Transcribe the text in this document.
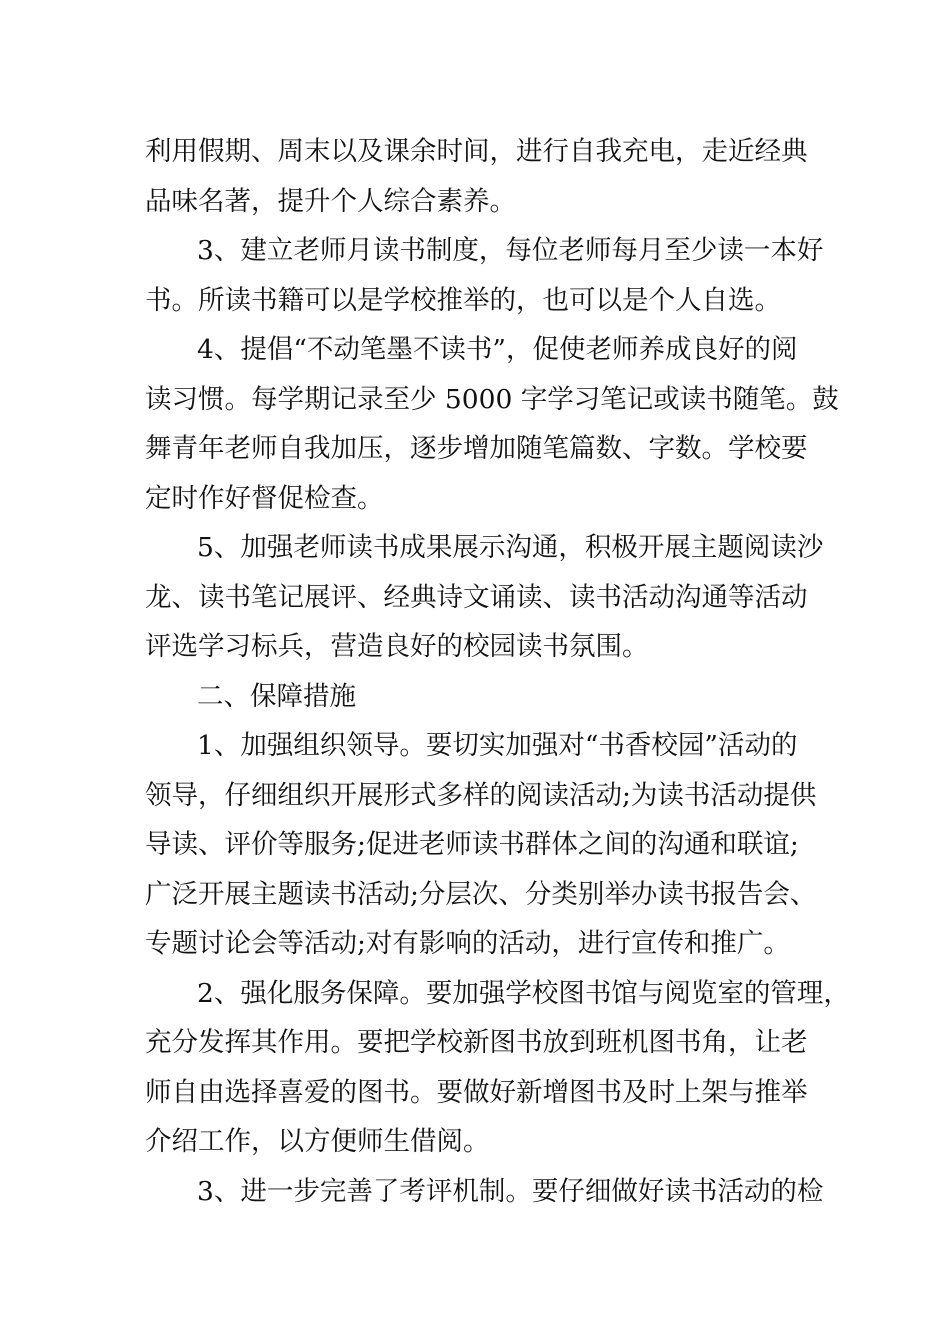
利用假期、周末以及课余时间，进行自我充电，走近经典
品味名著，提升个人综合素养。
3、建立老师月读书制度，每位老师每月至少读一本好
书。所读书籍可以是学校推举的，也可以是个人自选。
4、提倡“不动笔墨不读书”，促使老师养成良好的阅
读习惯。每学期记录至少 5000 字学习笔记或读书随笔。鼓
舞青年老师自我加压，逐步增加随笔篇数、字数。学校要
定时作好督促检查。
5、加强老师读书成果展示沟通，积极开展主题阅读沙
龙、读书笔记展评、经典诗文诵读、读书活动沟通等活动
评选学习标兵，营造良好的校园读书氛围。
二、保障措施
1、加强组织领导。要切实加强对“书香校园”活动的
领导，仔细组织开展形式多样的阅读活动;为读书活动提供
导读、评价等服务;促进老师读书群体之间的沟通和联谊;
广泛开展主题读书活动;分层次、分类别举办读书报告会、
专题讨论会等活动;对有影响的活动，进行宣传和推广。
2、强化服务保障。要加强学校图书馆与阅览室的管理，
充分发挥其作用。要把学校新图书放到班机图书角，让老
师自由选择喜爱的图书。要做好新增图书及时上架与推举
介绍工作，以方便师生借阅。
3、进一步完善了考评机制。要仔细做好读书活动的检
